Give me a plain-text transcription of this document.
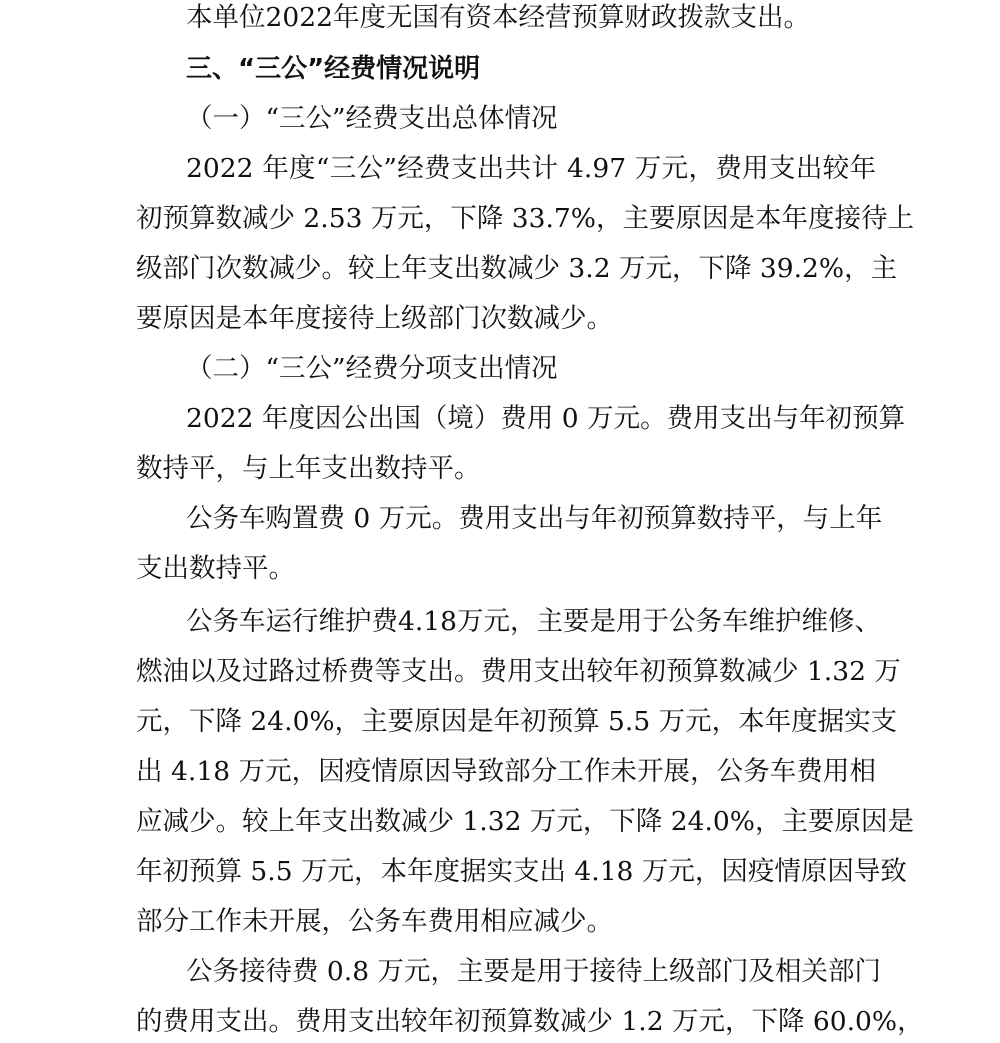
本单位2022年度无国有资本经营预算财政拨款支出。
三、“三公”经费情况说明
（一）“三公”经费支出总体情况
2022 年度“三公”经费支出共计 4.97 万元，费用支出较年
初预算数减少 2.53 万元，下降 33.7%，主要原因是本年度接待上
级部门次数减少。较上年支出数减少 3.2 万元，下降 39.2%，主
要原因是本年度接待上级部门次数减少。
（二）“三公”经费分项支出情况
2022 年度因公出国（境）费用 0 万元。费用支出与年初预算
数持平，与上年支出数持平。
公务车购置费 0 万元。费用支出与年初预算数持平，与上年
支出数持平。
公务车运行维护费4.18万元，主要是用于公务车维护维修、
燃油以及过路过桥费等支出。费用支出较年初预算数减少 1.32 万
元，下降 24.0%，主要原因是年初预算 5.5 万元，本年度据实支
出 4.18 万元，因疫情原因导致部分工作未开展，公务车费用相
应减少。较上年支出数减少 1.32 万元，下降 24.0%，主要原因是
年初预算 5.5 万元，本年度据实支出 4.18 万元，因疫情原因导致
部分工作未开展，公务车费用相应减少。
公务接待费 0.8 万元，主要是用于接待上级部门及相关部门
的费用支出。费用支出较年初预算数减少 1.2 万元，下降 60.0%，
